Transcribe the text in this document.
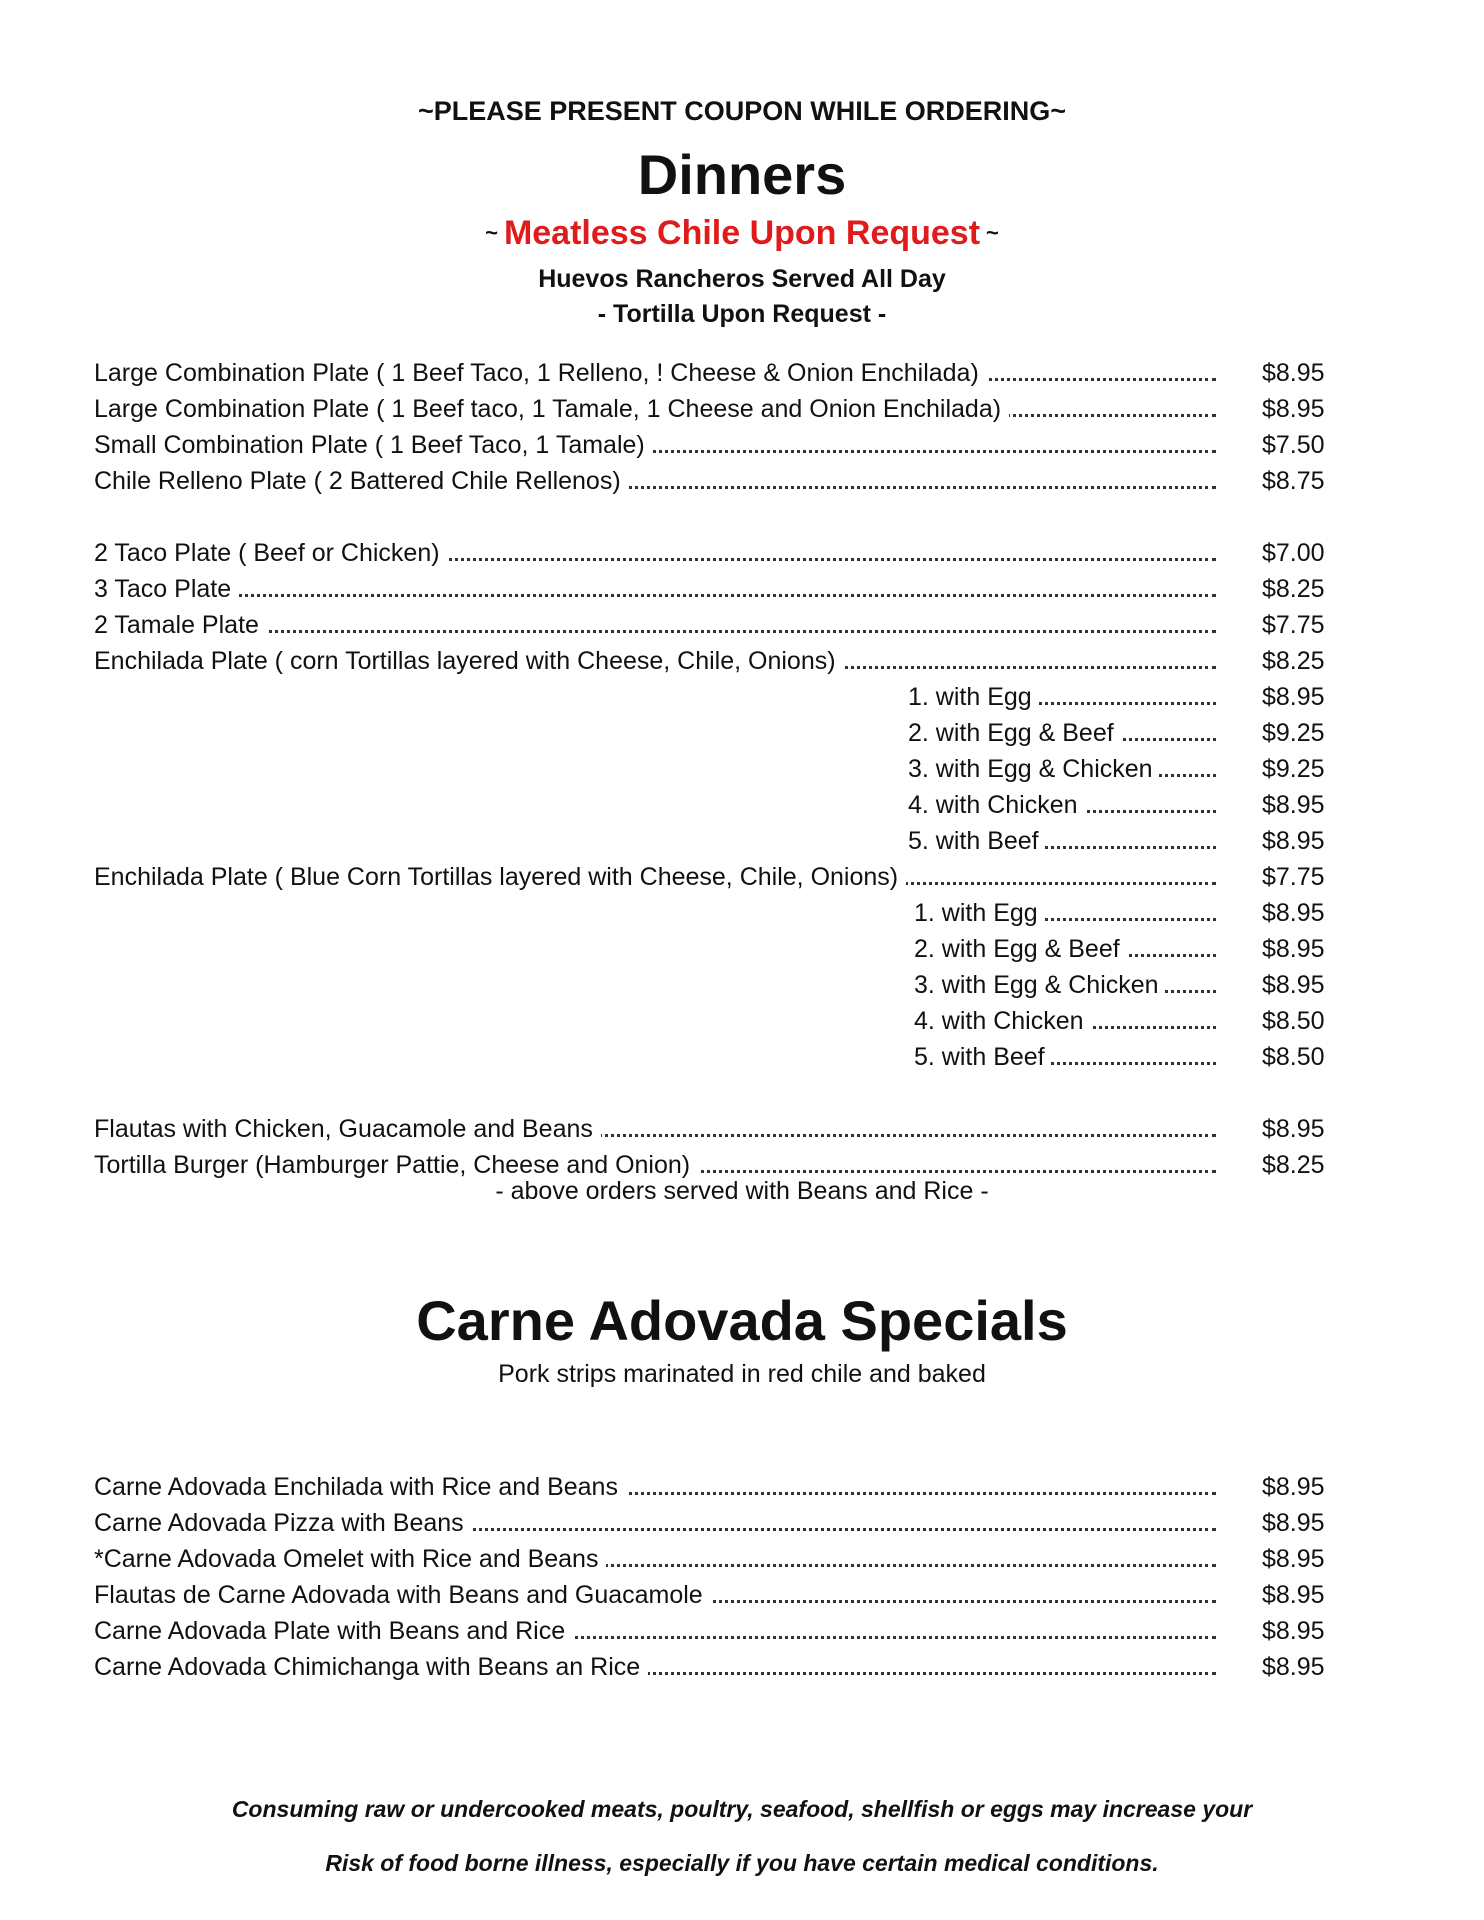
~PLEASE PRESENT COUPON WHILE ORDERING~
Dinners
~ Meatless Chile Upon Request ~
Huevos Rancheros Served All Day
- Tortilla Upon Request -
Large Combination Plate ( 1 Beef Taco, 1 Relleno, ! Cheese & Onion Enchilada)	$8.95
Large Combination Plate ( 1 Beef taco, 1 Tamale, 1 Cheese and Onion Enchilada)	$8.95
Small Combination Plate ( 1 Beef Taco, 1 Tamale)	$7.50
Chile Relleno Plate ( 2 Battered Chile Rellenos)	$8.75
2 Taco Plate ( Beef or Chicken)	$7.00
3 Taco Plate	$8.25
2 Tamale Plate	$7.75
Enchilada Plate ( corn Tortillas layered with Cheese, Chile, Onions)	$8.25
1. with Egg	$8.95
2. with Egg & Beef	$9.25
3. with Egg & Chicken	$9.25
4. with Chicken	$8.95
5. with Beef	$8.95
Enchilada Plate ( Blue Corn Tortillas layered with Cheese, Chile, Onions)	$7.75
1. with Egg	$8.95
2. with Egg & Beef	$8.95
3. with Egg & Chicken	$8.95
4. with Chicken	$8.50
5. with Beef	$8.50
Flautas with Chicken, Guacamole and Beans	$8.95
Tortilla Burger (Hamburger Pattie, Cheese and Onion)	$8.25
- above orders served with Beans and Rice -
Carne Adovada Specials
Pork strips marinated in red chile and baked
Carne Adovada Enchilada with Rice and Beans	$8.95
Carne Adovada Pizza with Beans	$8.95
*Carne Adovada Omelet with Rice and Beans	$8.95
Flautas de Carne Adovada with Beans and Guacamole	$8.95
Carne Adovada Plate with Beans and Rice	$8.95
Carne Adovada Chimichanga with Beans an Rice	$8.95
Consuming raw or undercooked meats, poultry, seafood, shellfish or eggs may increase your
Risk of food borne illness, especially if you have certain medical conditions.
